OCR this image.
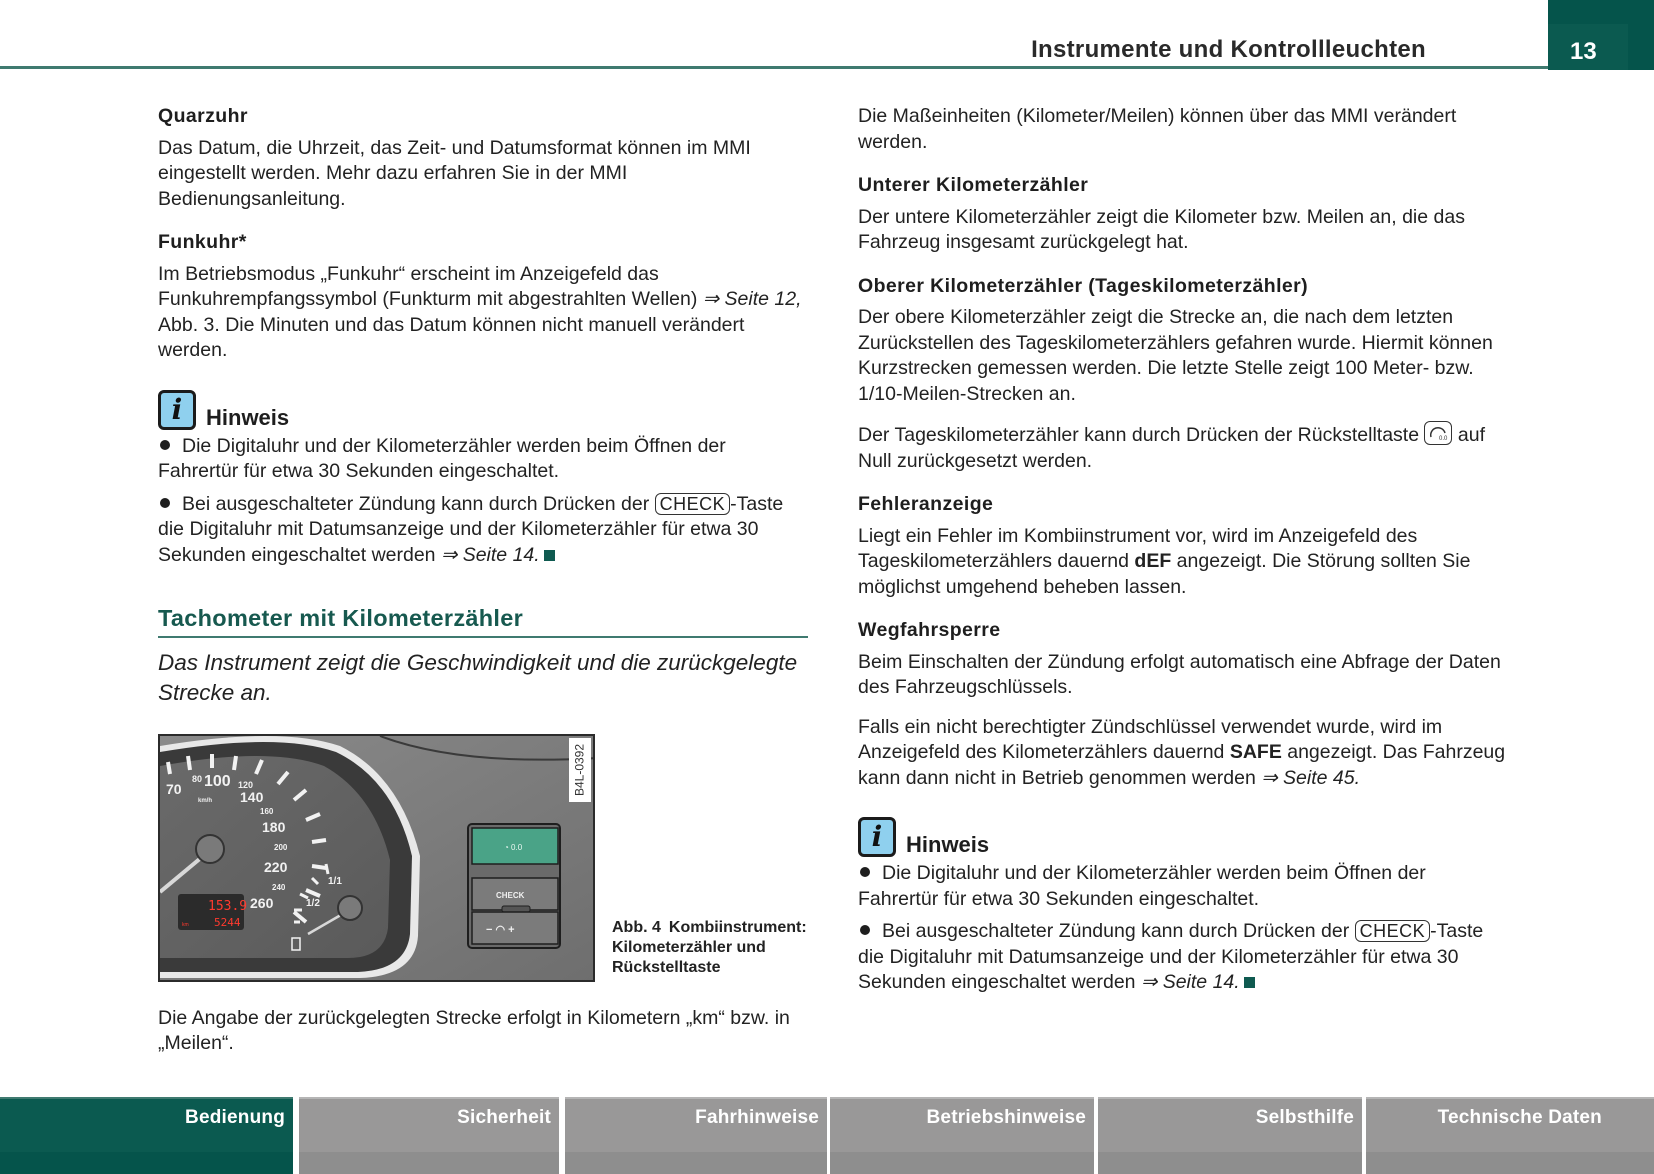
Instrumente und Kontrollleuchten	13
Quarzuhr
Das Datum, die Uhrzeit, das Zeit- und Datumsformat können im MMI eingestellt werden. Mehr dazu erfahren Sie in der MMI Bedienungsanleitung.
Funkuhr*
Im Betriebsmodus „Funkuhr“ erscheint im Anzeigefeld das Funkuhrempfangssymbol (Funkturm mit abgestrahlten Wellen) ⇒ Seite 12, Abb. 3. Die Minuten und das Datum können nicht manuell verändert werden.
i	Hinweis
Die Digitaluhr und der Kilometerzähler werden beim Öffnen der Fahrertür für etwa 30 Sekunden eingeschaltet.
Bei ausgeschalteter Zündung kann durch Drücken der CHECK -Taste die Digitaluhr mit Datumsanzeige und der Kilometerzähler für etwa 30 Sekunden eingeschaltet werden ⇒ Seite 14.
Tachometer mit Kilometerzähler
Das Instrument zeigt die Geschwindigkeit und die zurückgelegte Strecke an.
70
80 100 120
140
160
180
200
220
240
260
km/h
153.9
5244
km
1/1
1/2
◔ 0.0
CHECK
− ◠ +
B4L-0392
Abb. 4 Kombiinstrument: Kilometerzähler und Rückstelltaste
Die Angabe der zurückgelegten Strecke erfolgt in Kilometern „km“ bzw. in „Meilen“.
Die Maßeinheiten (Kilometer/Meilen) können über das MMI verändert werden.
Unterer Kilometerzähler
Der untere Kilometerzähler zeigt die Kilometer bzw. Meilen an, die das Fahrzeug insgesamt zurückgelegt hat.
Oberer Kilometerzähler (Tageskilometerzähler)
Der obere Kilometerzähler zeigt die Strecke an, die nach dem letzten Zurückstellen des Tageskilometerzählers gefahren wurde. Hiermit können Kurzstrecken gemessen werden. Die letzte Stelle zeigt 100 Meter- bzw. 1/10-Meilen-Strecken an.
Der Tageskilometerzähler kann durch Drücken der Rückstelltaste	0.0 auf Null zurückgesetzt werden.
Fehleranzeige
Liegt ein Fehler im Kombiinstrument vor, wird im Anzeigefeld des Tageskilometerzählers dauernd dEF angezeigt. Die Störung sollten Sie möglichst umgehend beheben lassen.
Wegfahrsperre
Beim Einschalten der Zündung erfolgt automatisch eine Abfrage der Daten des Fahrzeugschlüssels.
Falls ein nicht berechtigter Zündschlüssel verwendet wurde, wird im Anzeigefeld des Kilometerzählers dauernd SAFE angezeigt. Das Fahrzeug kann dann nicht in Betrieb genommen werden ⇒ Seite 45.
i	Hinweis
Die Digitaluhr und der Kilometerzähler werden beim Öffnen der Fahrertür für etwa 30 Sekunden eingeschaltet.
Bei ausgeschalteter Zündung kann durch Drücken der CHECK -Taste die Digitaluhr mit Datumsanzeige und der Kilometerzähler für etwa 30 Sekunden eingeschaltet werden ⇒ Seite 14.
Bedienung	Sicherheit	Fahrhinweise	Betriebshinweise	Selbsthilfe	Technische Daten
